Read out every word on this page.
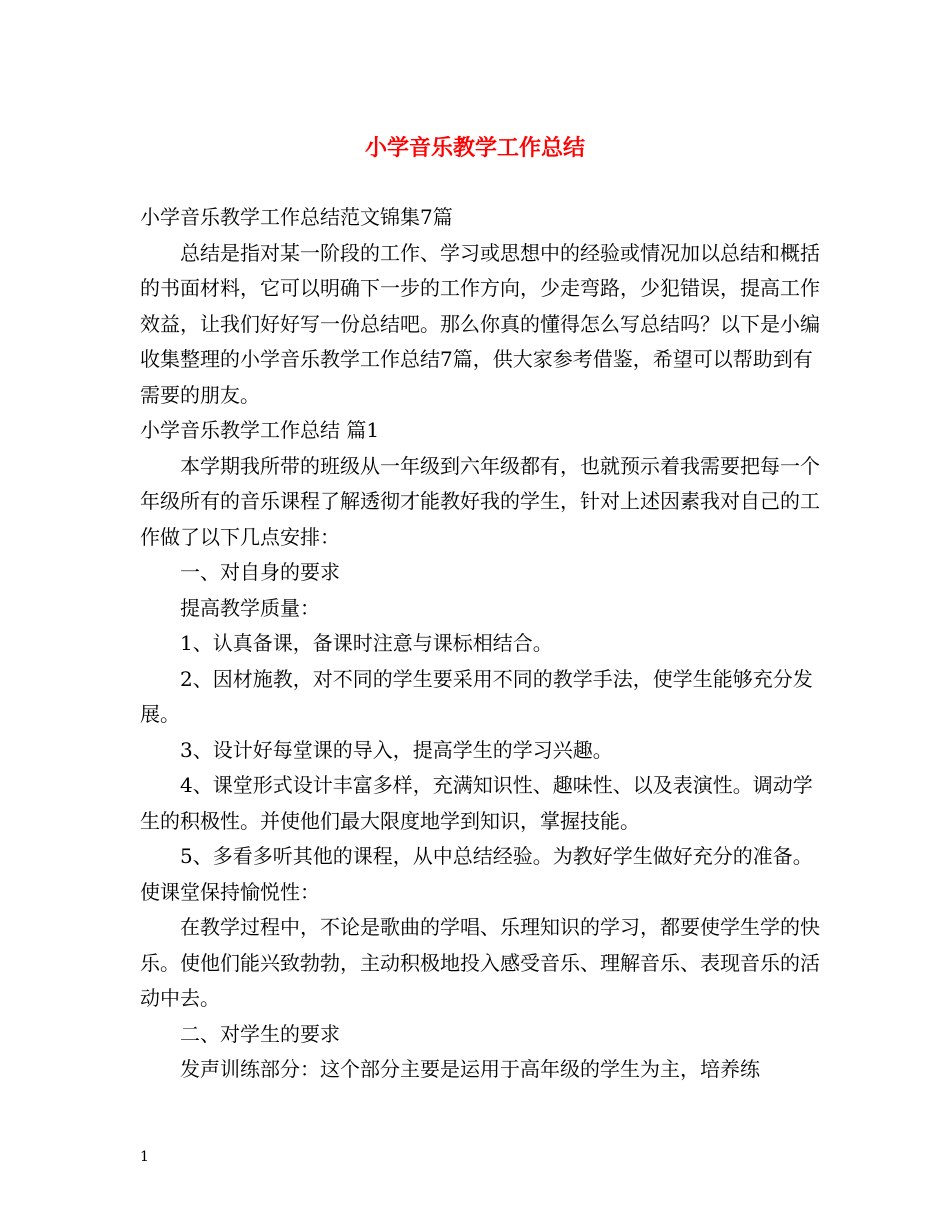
小学音乐教学工作总结

小学音乐教学工作总结范文锦集7篇

总结是指对某一阶段的工作、学习或思想中的经验或情况加以总结和概括的书面材料，它可以明确下一步的工作方向，少走弯路，少犯错误，提高工作效益，让我们好好写一份总结吧。那么你真的懂得怎么写总结吗？以下是小编收集整理的小学音乐教学工作总结7篇，供大家参考借鉴，希望可以帮助到有需要的朋友。

小学音乐教学工作总结 篇1

本学期我所带的班级从一年级到六年级都有，也就预示着我需要把每一个年级所有的音乐课程了解透彻才能教好我的学生，针对上述因素我对自己的工作做了以下几点安排：

一、对自身的要求

提高教学质量：

1、认真备课，备课时注意与课标相结合。

2、因材施教，对不同的学生要采用不同的教学手法，使学生能够充分发展。

3、设计好每堂课的导入，提高学生的学习兴趣。

4、课堂形式设计丰富多样，充满知识性、趣味性、以及表演性。调动学生的积极性。并使他们最大限度地学到知识，掌握技能。

5、多看多听其他的课程，从中总结经验。为教好学生做好充分的准备。使课堂保持愉悦性：

在教学过程中，不论是歌曲的学唱、乐理知识的学习，都要使学生学的快乐。使他们能兴致勃勃，主动积极地投入感受音乐、理解音乐、表现音乐的活动中去。

二、对学生的要求

发声训练部分：这个部分主要是运用于高年级的学生为主，培养练

1
